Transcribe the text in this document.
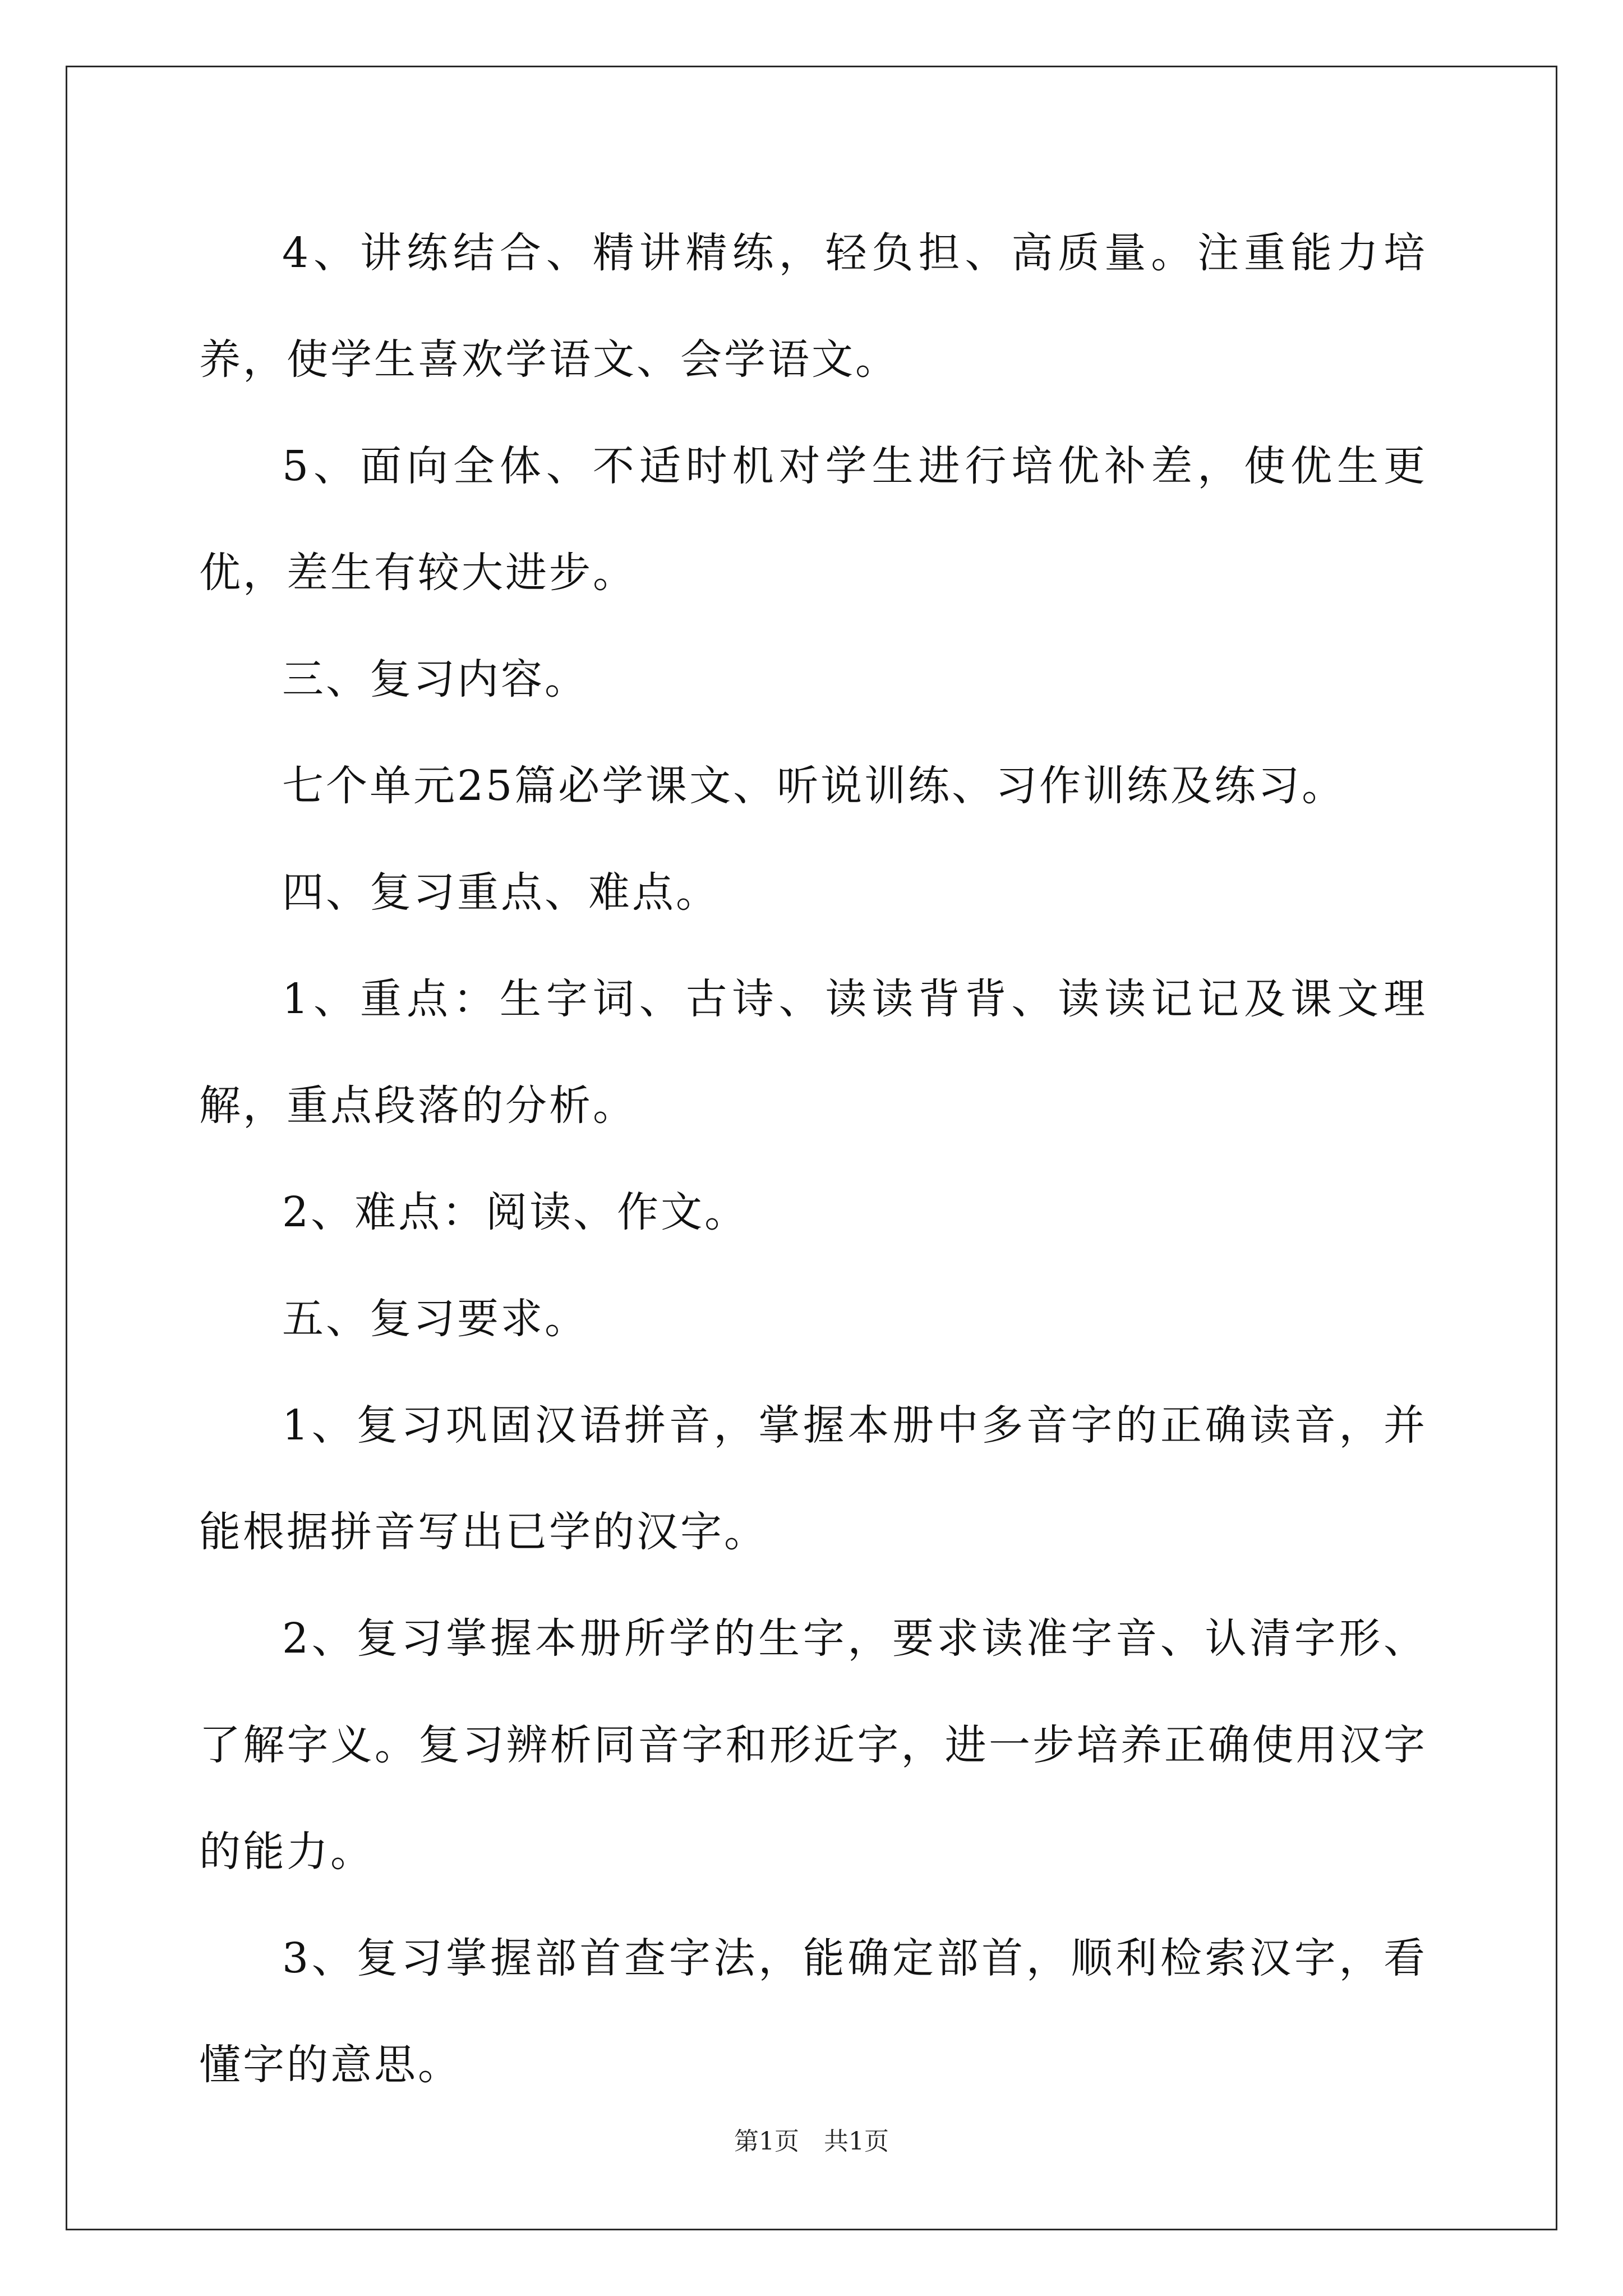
4、讲练结合、精讲精练，轻负担、高质量。注重能力培养，使学生喜欢学语文、会学语文。

5、面向全体、不适时机对学生进行培优补差，使优生更优，差生有较大进步。

三、复习内容。

七个单元25篇必学课文、听说训练、习作训练及练习。

四、复习重点、难点。

1、重点：生字词、古诗、读读背背、读读记记及课文理解，重点段落的分析。

2、难点：阅读、作文。

五、复习要求。

1、复习巩固汉语拼音，掌握本册中多音字的正确读音，并能根据拼音写出已学的汉字。

2、复习掌握本册所学的生字，要求读准字音、认清字形、了解字义。复习辨析同音字和形近字，进一步培养正确使用汉字的能力。

3、复习掌握部首查字法，能确定部首，顺利检索汉字，看懂字的意思。

第1页　共1页
